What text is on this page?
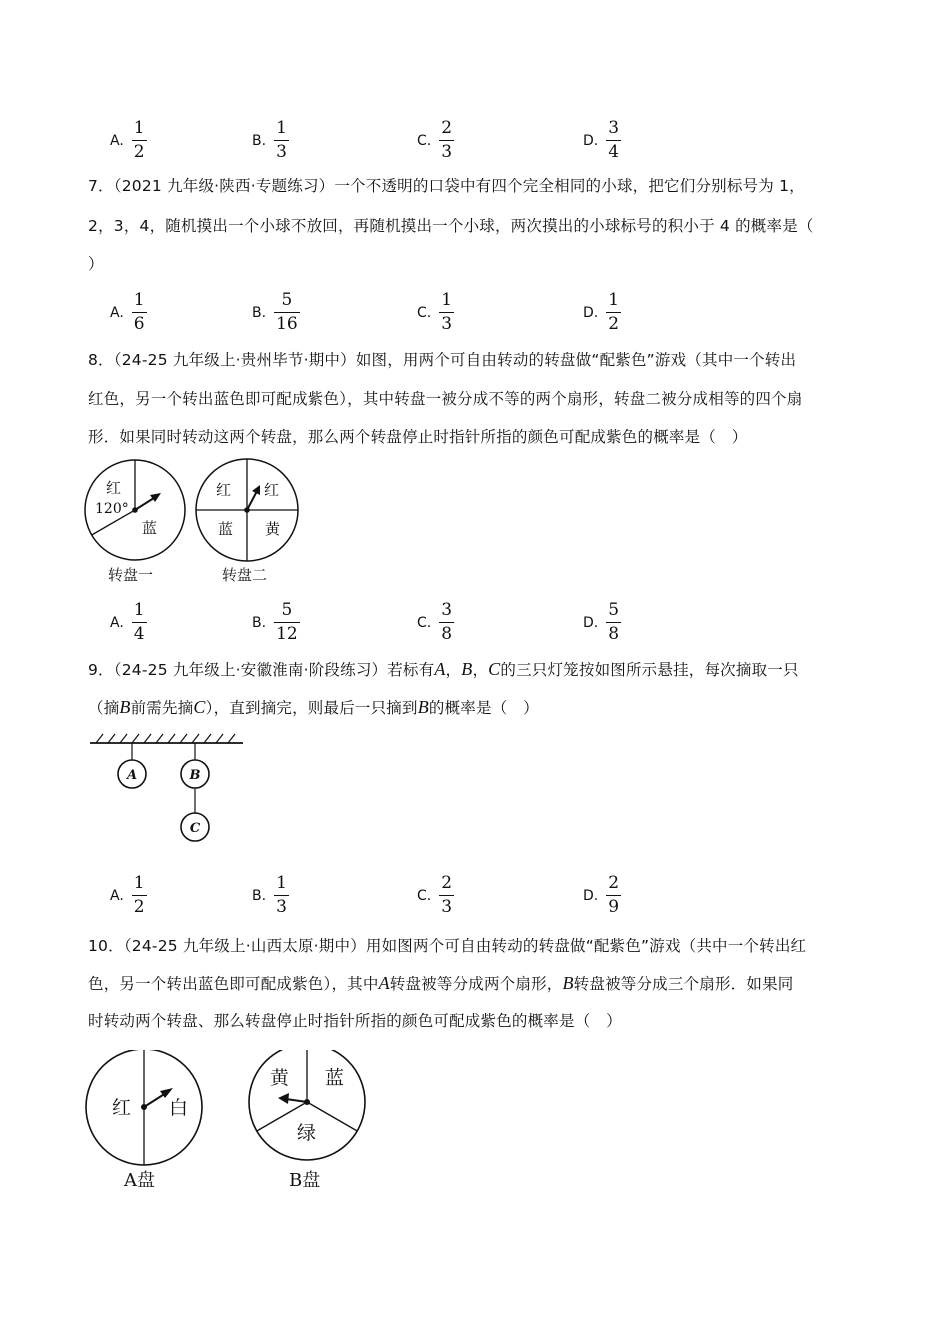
A. $\frac{1}{2}$	B. $\frac{1}{3}$	C. $\frac{2}{3}$	D. $\frac{3}{4}$
7．（2021 九年级·陕西·专题练习）一个不透明的口袋中有四个完全相同的小球，把它们分别标号为 1，
2，3，4，随机摸出一个小球不放回，再随机摸出一个小球，两次摸出的小球标号的积小于 4 的概率是（
）
A. $\frac{1}{6}$	B. $\frac{5}{16}$	C. $\frac{1}{3}$	D. $\frac{1}{2}$
8．（24-25 九年级上·贵州毕节·期中）如图，用两个可自由转动的转盘做“配紫色”游戏（其中一个转出
红色，另一个转出蓝色即可配成紫色），其中转盘一被分成不等的两个扇形，转盘二被分成相等的四个扇
形．如果同时转动这两个转盘，那么两个转盘停止时指针所指的颜色可配成紫色的概率是（　）
红
120°
蓝
转盘一
红 红
蓝 黄
转盘二
A. $\frac{1}{4}$	B. $\frac{5}{12}$	C. $\frac{3}{8}$	D. $\frac{5}{8}$
9．（24-25 九年级上·安徽淮南·阶段练习）若标有A，B，C的三只灯笼按如图所示悬挂，每次摘取一只
（摘B前需先摘C），直到摘完，则最后一只摘到B的概率是（　）
A	B
C
A. $\frac{1}{2}$	B. $\frac{1}{3}$	C. $\frac{2}{3}$	D. $\frac{2}{9}$
10．（24-25 九年级上·山西太原·期中）用如图两个可自由转动的转盘做“配紫色”游戏（共中一个转出红
色，另一个转出蓝色即可配成紫色），其中A转盘被等分成两个扇形，B转盘被等分成三个扇形．如果同
时转动两个转盘、那么转盘停止时指针所指的颜色可配成紫色的概率是（　）
红 白
A盘
黄 蓝
绿
B盘
